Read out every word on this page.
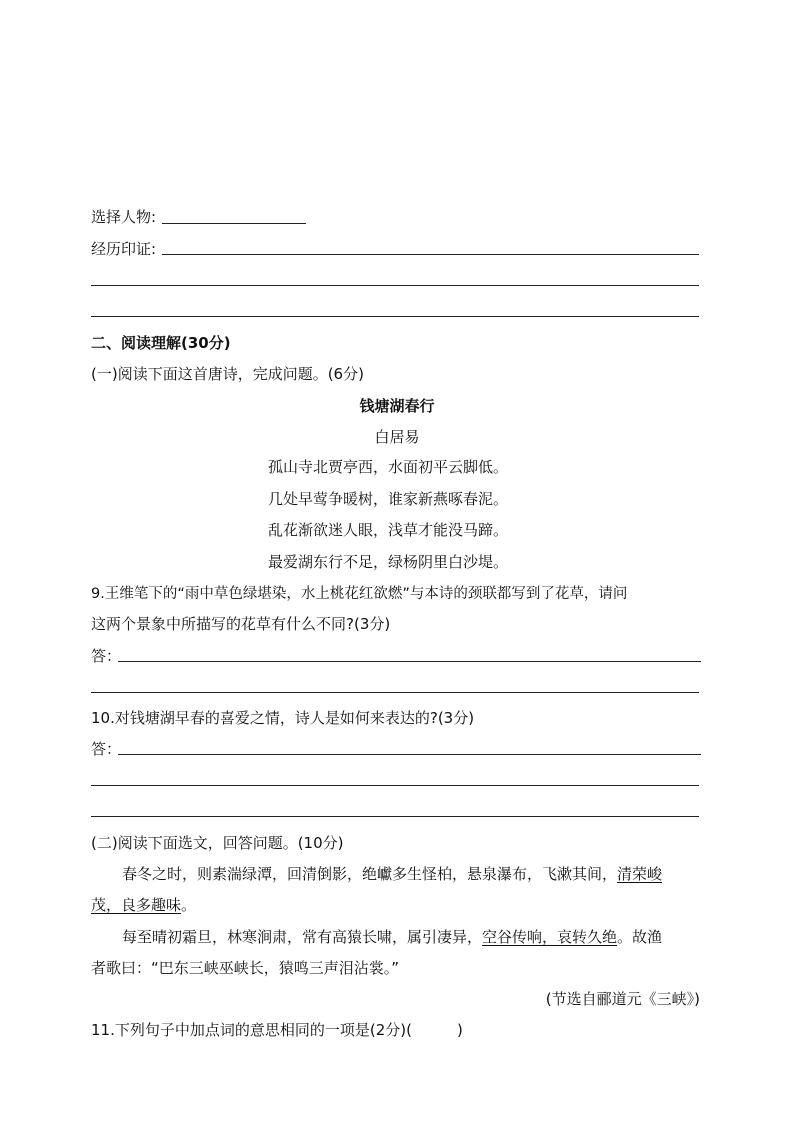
选择人物:
经历印证:
二、阅读理解(30分)
(一)阅读下面这首唐诗，完成问题。(6分)
钱塘湖春行
白居易
孤山寺北贾亭西，水面初平云脚低。
几处早莺争暖树，谁家新燕啄春泥。
乱花渐欲迷人眼，浅草才能没马蹄。
最爱湖东行不足，绿杨阴里白沙堤。
9.王维笔下的“雨中草色绿堪染，水上桃花红欲燃”与本诗的颈联都写到了花草，请问
这两个景象中所描写的花草有什么不同?(3分)
答：
10.对钱塘湖早春的喜爱之情，诗人是如何来表达的?(3分)
答：
(二)阅读下面选文，回答问题。(10分)
春冬之时，则素湍绿潭，回清倒影，绝巘多生怪柏，悬泉瀑布，飞漱其间，清荣峻
茂，良多趣味。
每至晴初霜旦，林寒涧肃，常有高猿长啸，属引凄异，空谷传响，哀转久绝。故渔
者歌曰：“巴东三峡巫峡长，猿鸣三声泪沾裳。”
(节选自郦道元《三峡》)
11.下列句子中加点词的意思相同的一项是(2分)(　　　)
